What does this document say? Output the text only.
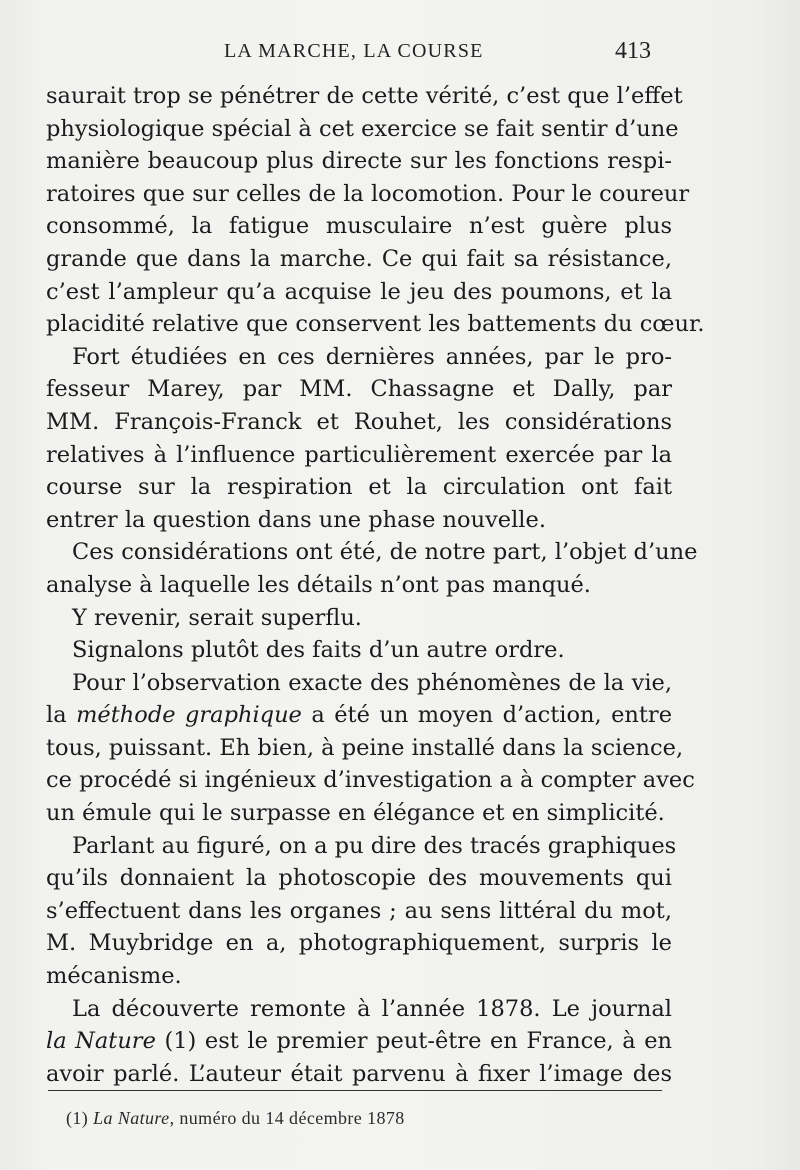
LA MARCHE, LA COURSE	413
saurait trop se pénétrer de cette vérité, c’est que l’effet
physiologique spécial à cet exercice se fait sentir d’une
manière beaucoup plus directe sur les fonctions respi-
ratoires que sur celles de la locomotion. Pour le coureur
consommé, la fatigue musculaire n’est guère plus
grande que dans la marche. Ce qui fait sa résistance,
c’est l’ampleur qu’a acquise le jeu des poumons, et la
placidité relative que conservent les battements du cœur.
Fort étudiées en ces dernières années, par le pro-
fesseur Marey, par MM. Chassagne et Dally, par
MM. François-Franck et Rouhet, les considérations
relatives à l’influence particulièrement exercée par la
course sur la respiration et la circulation ont fait
entrer la question dans une phase nouvelle.
Ces considérations ont été, de notre part, l’objet d’une
analyse à laquelle les détails n’ont pas manqué.
Y revenir, serait superflu.
Signalons plutôt des faits d’un autre ordre.
Pour l’observation exacte des phénomènes de la vie,
la méthode graphique a été un moyen d’action, entre
tous, puissant. Eh bien, à peine installé dans la science,
ce procédé si ingénieux d’investigation a à compter avec
un émule qui le surpasse en élégance et en simplicité.
Parlant au figuré, on a pu dire des tracés graphiques
qu’ils donnaient la photoscopie des mouvements qui
s’effectuent dans les organes ; au sens littéral du mot,
M. Muybridge en a, photographiquement, surpris le
mécanisme.
La découverte remonte à l’année 1878. Le journal
la Nature (1) est le premier peut-être en France, à en
avoir parlé. L’auteur était parvenu à fixer l’image des
(1) La Nature, numéro du 14 décembre 1878
